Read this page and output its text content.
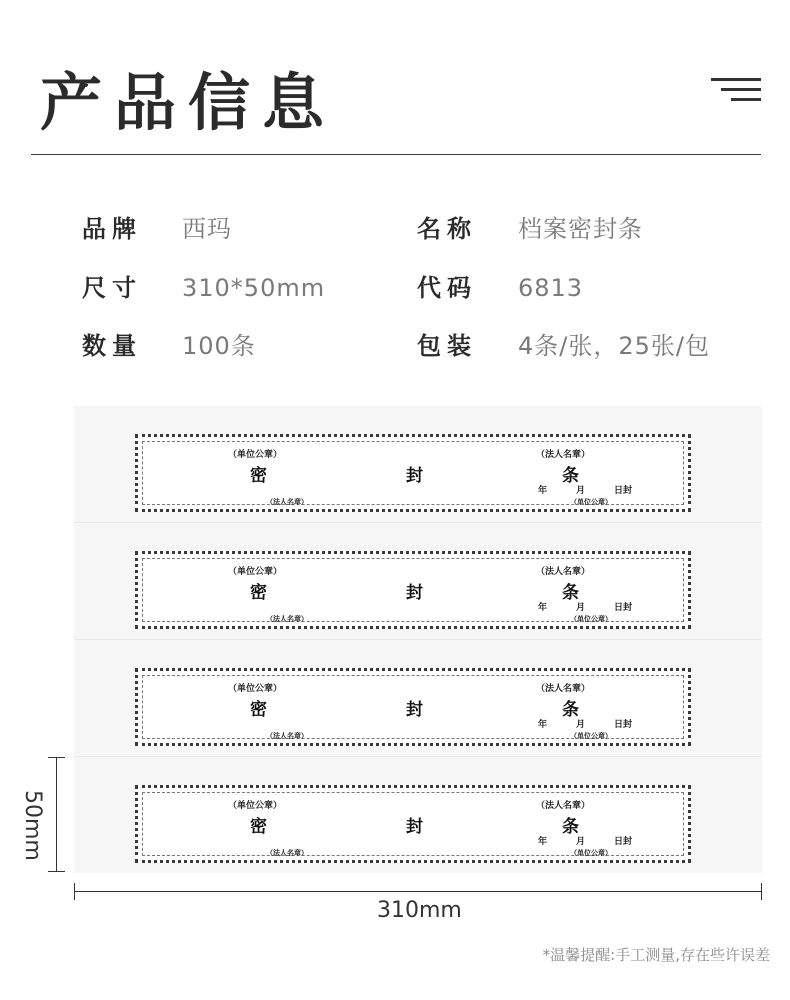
产品信息
品牌	西玛	名称	档案密封条
尺寸	310*50mm	代码	6813
数量	100条	包装	4条/张，25张/包
（单位公章）	（法人名章）
密	封	条
年	月	日封
（法人名章）	（单位公章）
（单位公章）	（法人名章）
密	封	条
年	月	日封
（法人名章）	（单位公章）
（单位公章）	（法人名章）
密	封	条
年	月	日封
（法人名章）	（单位公章）
（单位公章）	（法人名章）
密	封	条
年	月	日封
（法人名章）	（单位公章）
50mm
310mm
*温馨提醒:手工测量,存在些许误差
